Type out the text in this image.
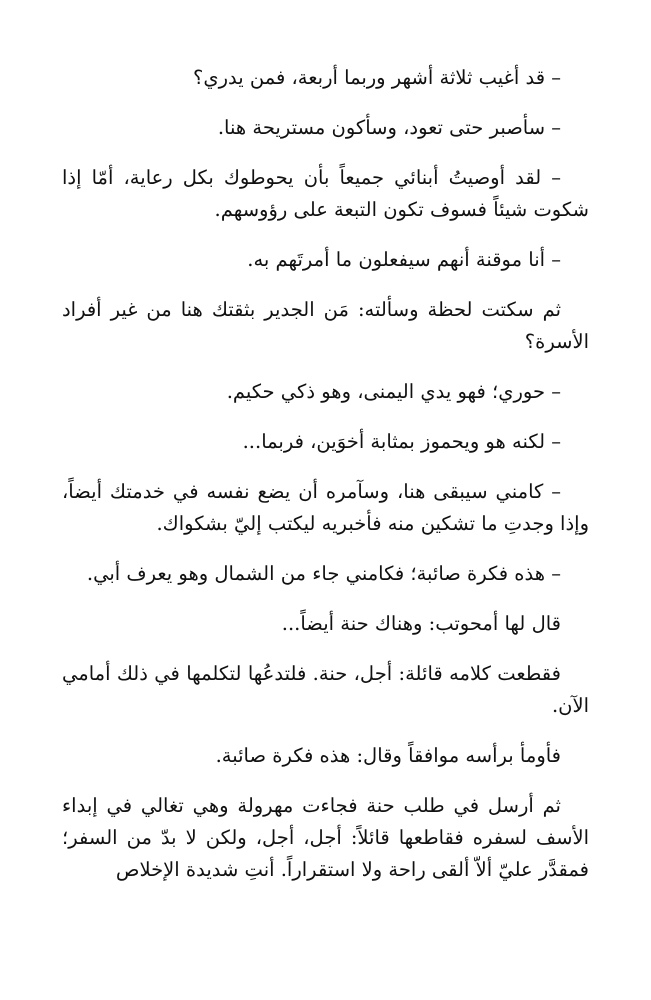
– قد أغيب ثلاثة أشهر وربما أربعة، فمن يدري؟

– سأصبر حتى تعود، وسأكون مستريحة هنا.

– لقد أوصيتُ أبنائي جميعاً بأن يحوطوك بكل رعاية، أمّا إذا شكوت شيئاً فسوف تكون التبعة على رؤوسهم.

– أنا موقنة أنهم سيفعلون ما أمرتَهم به.

ثم سكتت لحظة وسألته: مَن الجدير بثقتك هنا من غير أفراد الأسرة؟

– حوري؛ فهو يدي اليمنى، وهو ذكي حكيم.

– لكنه هو ويحموز بمثابة أخوَين، فربما...

– كامني سيبقى هنا، وسآمره أن يضع نفسه في خدمتك أيضاً، وإذا وجدتِ ما تشكين منه فأخبريه ليكتب إليّ بشكواك.

– هذه فكرة صائبة؛ فكامني جاء من الشمال وهو يعرف أبي.

قال لها أمحوتب: وهناك حنة أيضاً...

فقطعت كلامه قائلة: أجل، حنة. فلتدعُها لتكلمها في ذلك أمامي الآن.

فأومأ برأسه موافقاً وقال: هذه فكرة صائبة.

ثم أرسل في طلب حنة فجاءت مهرولة وهي تغالي في إبداء الأسف لسفره فقاطعها قائلاً: أجل، أجل، ولكن لا بدّ من السفر؛ فمقدَّر عليّ ألاّ ألقى راحة ولا استقراراً. أنتِ شديدة الإخلاص
